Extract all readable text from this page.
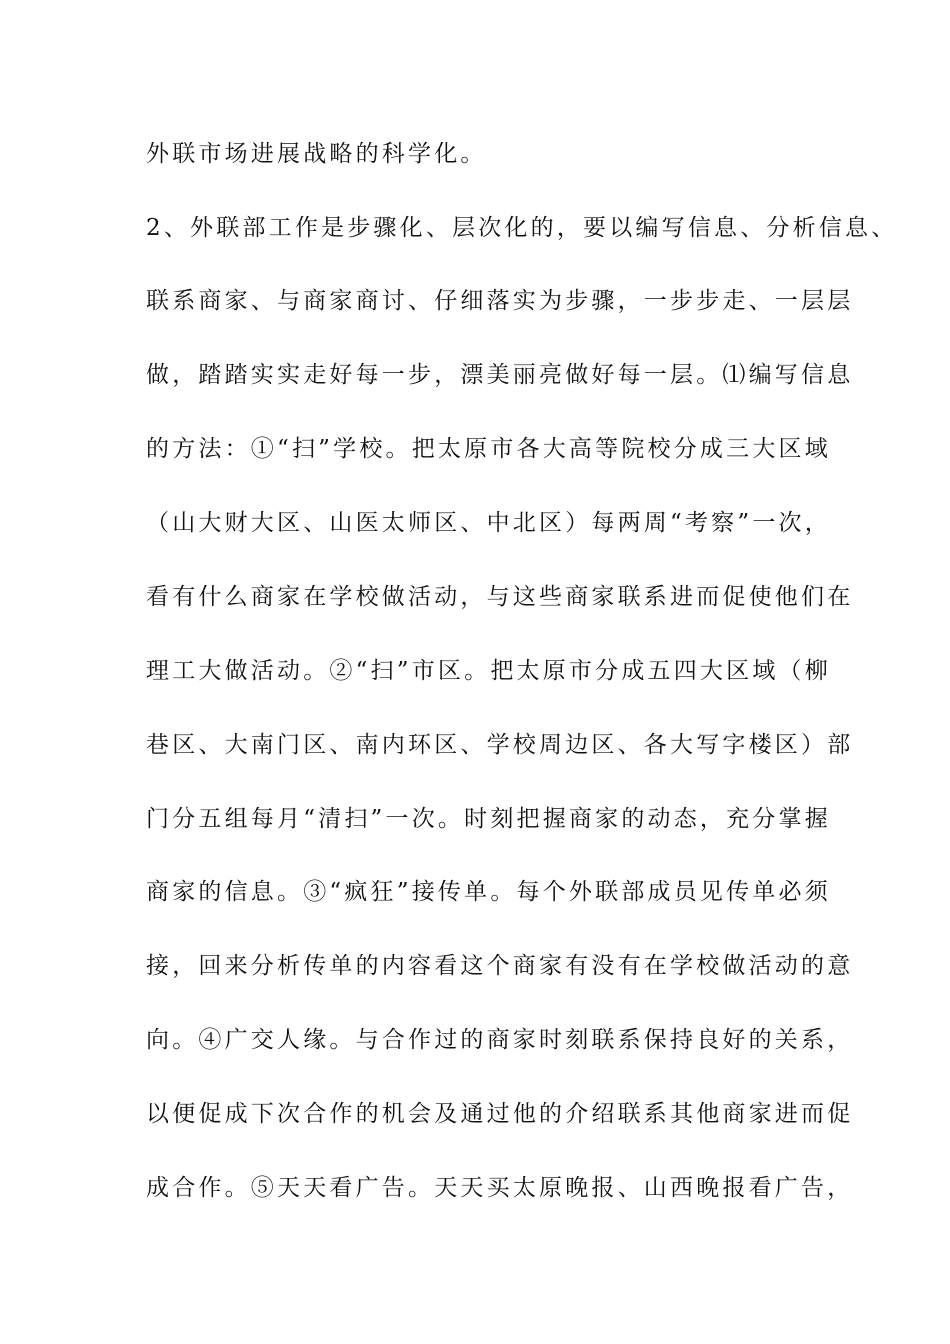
外联市场进展战略的科学化。
2、外联部工作是步骤化、层次化的，要以编写信息、分析信息、
联系商家、与商家商讨、仔细落实为步骤，一步步走、一层层
做，踏踏实实走好每一步，漂美丽亮做好每一层。⑴编写信息
的方法：①“扫”学校。把太原市各大高等院校分成三大区域
（山大财大区、山医太师区、中北区）每两周“考察”一次，
看有什么商家在学校做活动，与这些商家联系进而促使他们在
理工大做活动。②“扫”市区。把太原市分成五四大区域（柳
巷区、大南门区、南内环区、学校周边区、各大写字楼区）部
门分五组每月“清扫”一次。时刻把握商家的动态，充分掌握
商家的信息。③“疯狂”接传单。每个外联部成员见传单必须
接，回来分析传单的内容看这个商家有没有在学校做活动的意
向。④广交人缘。与合作过的商家时刻联系保持良好的关系，
以便促成下次合作的机会及通过他的介绍联系其他商家进而促
成合作。⑤天天看广告。天天买太原晚报、山西晚报看广告，
